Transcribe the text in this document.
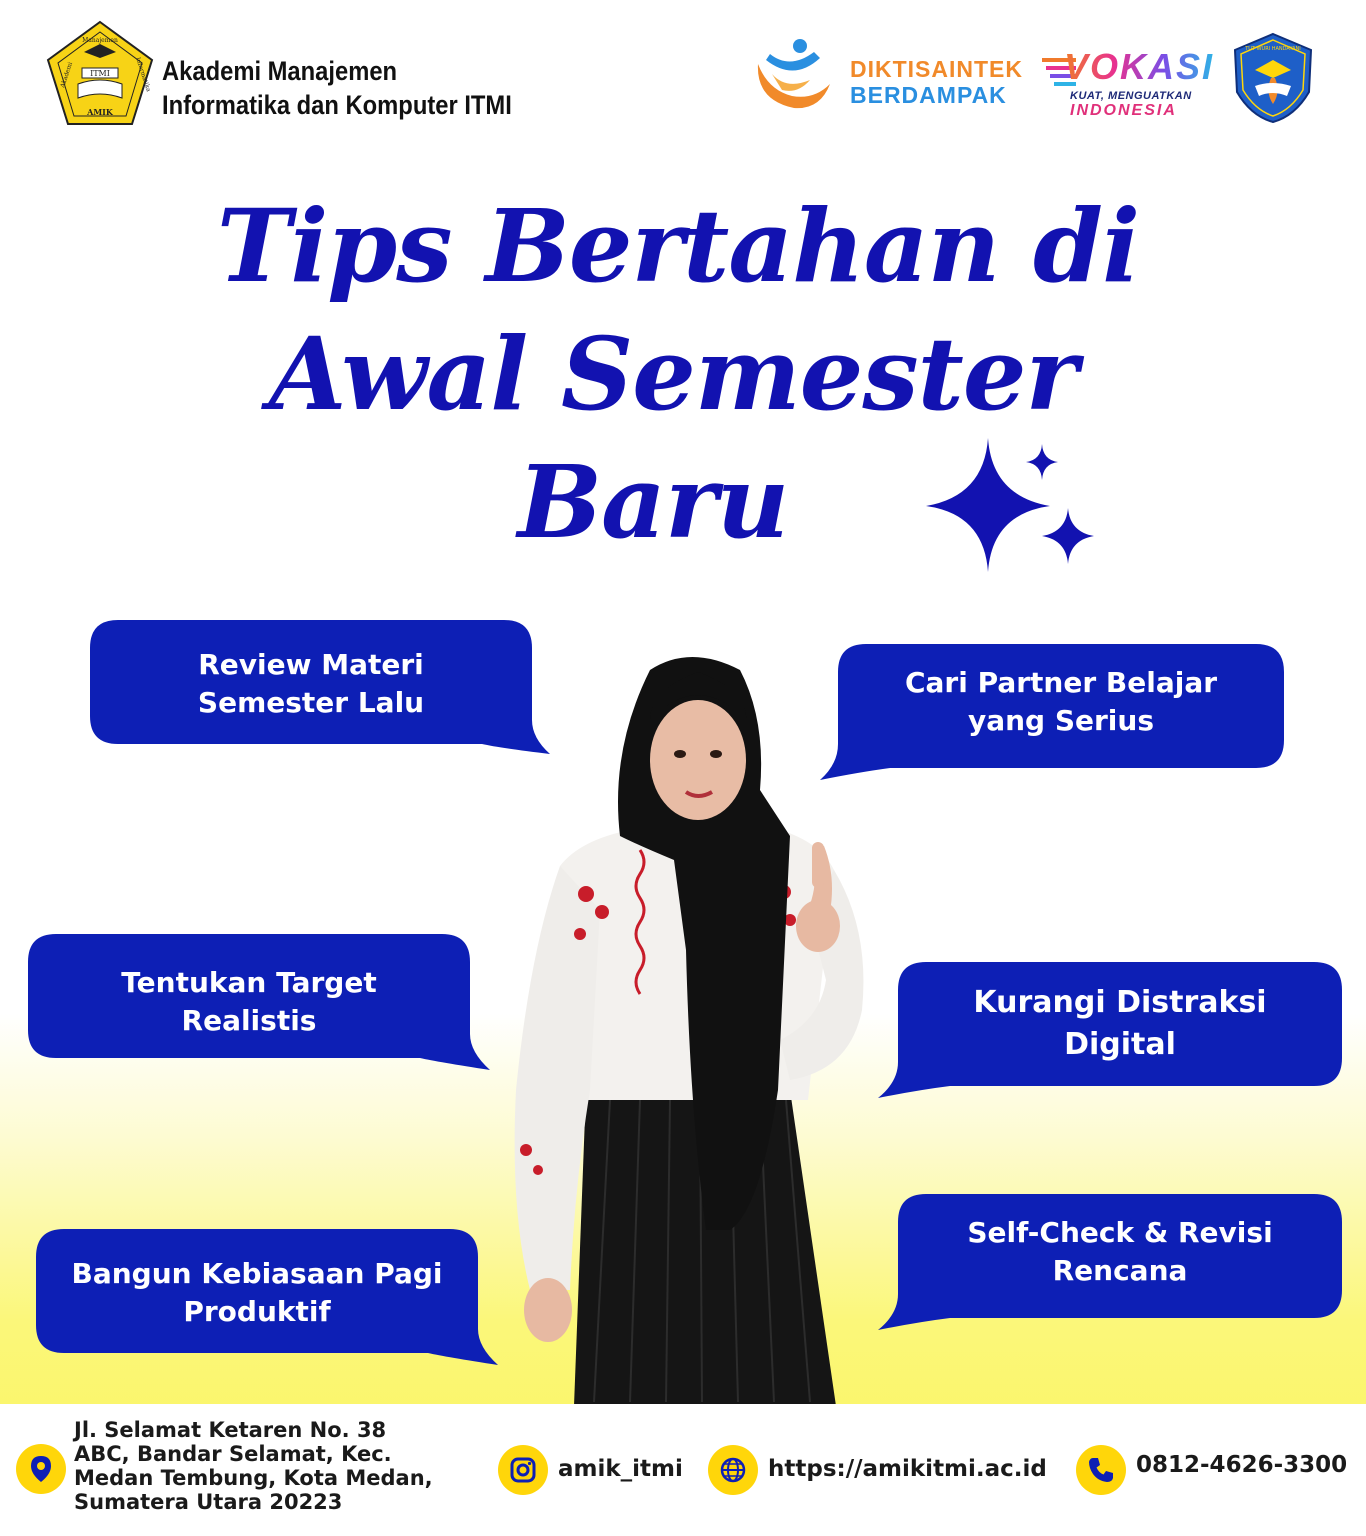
ITMI
AMIK
Manajemen
Akademi	Informatika Akademi Manajemen
Informatika dan Komputer ITMI
DIKTISAINTEK
BERDAMPAK
VOKASI
KUAT, MENGUATKAN
INDONESIA
TUT WURI HANDAYANI
Tips Bertahan di
Awal Semester
Baru
Review Materi
Semester Lalu
Cari Partner Belajar
yang Serius
Tentukan Target
Realistis
Kurangi Distraksi
Digital
Bangun Kebiasaan Pagi
Produktif
Self-Check & Revisi
Rencana
Jl. Selamat Ketaren No. 38
ABC, Bandar Selamat, Kec.
Medan Tembung, Kota Medan,
Sumatera Utara 20223
amik_itmi	https://amikitmi.ac.id	0812-4626-3300
